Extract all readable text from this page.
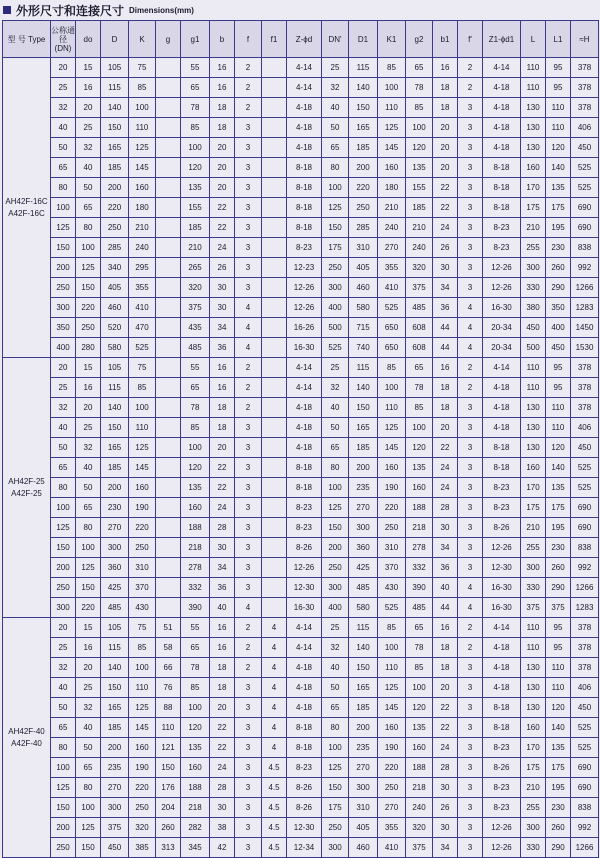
外形尺寸和连接尺寸 Dimensions(mm)
型 号 Type	公称通径(DN)	do	D	K	g	g1	b	f	f1	Z-ϕd	DN'	D1	K1	g2	b1	f'	Z1-ϕd1	L	L1	≈H
AH42F-16C A42F-16C	20	15	105	75		55	16	2		4-14	25	115	85	65	16	2	4-14	110	95	378
	25	16	115	85		65	16	2		4-14	32	140	100	78	18	2	4-18	110	95	378
	32	20	140	100		78	18	2		4-18	40	150	110	85	18	3	4-18	130	110	378
	40	25	150	110		85	18	3		4-18	50	165	125	100	20	3	4-18	130	110	406
	50	32	165	125		100	20	3		4-18	65	185	145	120	20	3	4-18	130	120	450
	65	40	185	145		120	20	3		8-18	80	200	160	135	20	3	8-18	160	140	525
	80	50	200	160		135	20	3		8-18	100	220	180	155	22	3	8-18	170	135	525
	100	65	220	180		155	22	3		8-18	125	250	210	185	22	3	8-18	175	175	690
	125	80	250	210		185	22	3		8-18	150	285	240	210	24	3	8-23	210	195	690
	150	100	285	240		210	24	3		8-23	175	310	270	240	26	3	8-23	255	230	838
	200	125	340	295		265	26	3		12-23	250	405	355	320	30	3	12-26	300	260	992
	250	150	405	355		320	30	3		12-26	300	460	410	375	34	3	12-26	330	290	1266
	300	220	460	410		375	30	4		12-26	400	580	525	485	36	4	16-30	380	350	1283
	350	250	520	470		435	34	4		16-26	500	715	650	608	44	4	20-34	450	400	1450
	400	280	580	525		485	36	4		16-30	525	740	650	608	44	4	20-34	500	450	1530
AH42F-25 A42F-25	20	15	105	75		55	16	2		4-14	25	115	85	65	16	2	4-14	110	95	378
	25	16	115	85		65	16	2		4-14	32	140	100	78	18	2	4-18	110	95	378
	32	20	140	100		78	18	2		4-18	40	150	110	85	18	3	4-18	130	110	378
	40	25	150	110		85	18	3		4-18	50	165	125	100	20	3	4-18	130	110	406
	50	32	165	125		100	20	3		4-18	65	185	145	120	22	3	8-18	130	120	450
	65	40	185	145		120	22	3		8-18	80	200	160	135	24	3	8-18	160	140	525
	80	50	200	160		135	22	3		8-18	100	235	190	160	24	3	8-23	170	135	525
	100	65	230	190		160	24	3		8-23	125	270	220	188	28	3	8-23	175	175	690
	125	80	270	220		188	28	3		8-23	150	300	250	218	30	3	8-26	210	195	690
	150	100	300	250		218	30	3		8-26	200	360	310	278	34	3	12-26	255	230	838
	200	125	360	310		278	34	3		12-26	250	425	370	332	36	3	12-30	300	260	992
	250	150	425	370		332	36	3		12-30	300	485	430	390	40	4	16-30	330	290	1266
	300	220	485	430		390	40	4		16-30	400	580	525	485	44	4	16-30	375	375	1283
AH42F-40 A42F-40	20	15	105	75	51	55	16	2	4	4-14	25	115	85	65	16	2	4-14	110	95	378
	25	16	115	85	58	65	16	2	4	4-14	32	140	100	78	18	2	4-18	110	95	378
	32	20	140	100	66	78	18	2	4	4-18	40	150	110	85	18	3	4-18	130	110	378
	40	25	150	110	76	85	18	3	4	4-18	50	165	125	100	20	3	4-18	130	110	406
	50	32	165	125	88	100	20	3	4	4-18	65	185	145	120	22	3	8-18	130	120	450
	65	40	185	145	110	120	22	3	4	8-18	80	200	160	135	22	3	8-18	160	140	525
	80	50	200	160	121	135	22	3	4	8-18	100	235	190	160	24	3	8-23	170	135	525
	100	65	235	190	150	160	24	3	4.5	8-23	125	270	220	188	28	3	8-26	175	175	690
	125	80	270	220	176	188	28	3	4.5	8-26	150	300	250	218	30	3	8-23	210	195	690
	150	100	300	250	204	218	30	3	4.5	8-26	175	310	270	240	26	3	8-23	255	230	838
	200	125	375	320	260	282	38	3	4.5	12-30	250	405	355	320	30	3	12-26	300	260	992
	250	150	450	385	313	345	42	3	4.5	12-34	300	460	410	375	34	3	12-26	330	290	1266
